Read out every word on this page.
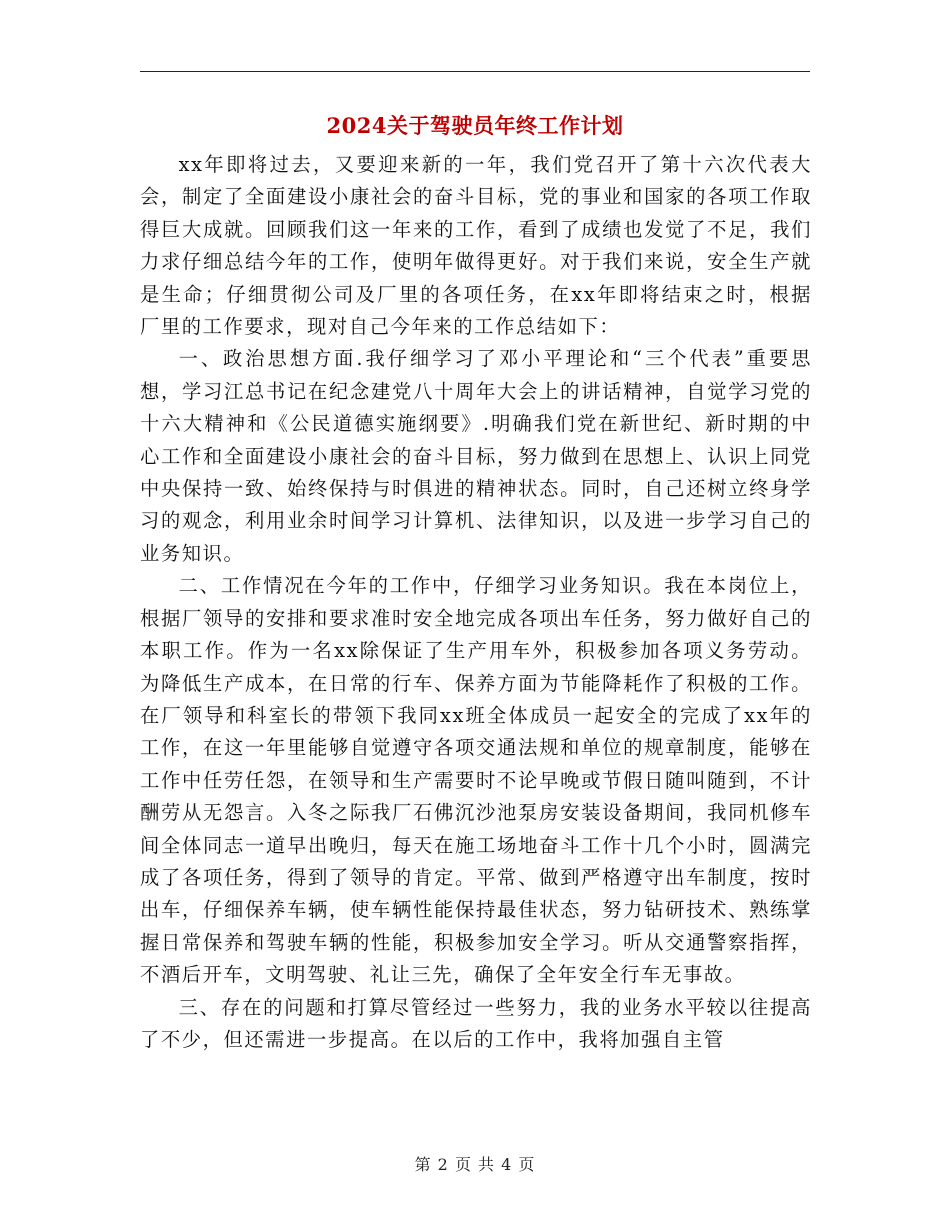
2024关于驾驶员年终工作计划

xx年即将过去，又要迎来新的一年，我们党召开了第十六次代表大会，制定了全面建设小康社会的奋斗目标，党的事业和国家的各项工作取得巨大成就。回顾我们这一年来的工作，看到了成绩也发觉了不足，我们力求仔细总结今年的工作，使明年做得更好。对于我们来说，安全生产就是生命；仔细贯彻公司及厂里的各项任务，在xx年即将结束之时，根据厂里的工作要求，现对自己今年来的工作总结如下：

一、政治思想方面.我仔细学习了邓小平理论和“三个代表”重要思想，学习江总书记在纪念建党八十周年大会上的讲话精神，自觉学习党的十六大精神和《公民道德实施纲要》.明确我们党在新世纪、新时期的中心工作和全面建设小康社会的奋斗目标，努力做到在思想上、认识上同党中央保持一致、始终保持与时俱进的精神状态。同时，自己还树立终身学习的观念，利用业余时间学习计算机、法律知识，以及进一步学习自己的业务知识。

二、工作情况在今年的工作中，仔细学习业务知识。我在本岗位上，根据厂领导的安排和要求准时安全地完成各项出车任务，努力做好自己的本职工作。作为一名xx除保证了生产用车外，积极参加各项义务劳动。为降低生产成本，在日常的行车、保养方面为节能降耗作了积极的工作。在厂领导和科室长的带领下我同xx班全体成员一起安全的完成了xx年的工作，在这一年里能够自觉遵守各项交通法规和单位的规章制度，能够在工作中任劳任怨，在领导和生产需要时不论早晚或节假日随叫随到，不计酬劳从无怨言。入冬之际我厂石佛沉沙池泵房安装设备期间，我同机修车间全体同志一道早出晚归，每天在施工场地奋斗工作十几个小时，圆满完成了各项任务，得到了领导的肯定。平常、做到严格遵守出车制度，按时出车，仔细保养车辆，使车辆性能保持最佳状态，努力钻研技术、熟练掌握日常保养和驾驶车辆的性能，积极参加安全学习。听从交通警察指挥，不酒后开车，文明驾驶、礼让三先，确保了全年安全行车无事故。

三、存在的问题和打算尽管经过一些努力，我的业务水平较以往提高了不少，但还需进一步提高。在以后的工作中，我将加强自主管

第 2 页 共 4 页
